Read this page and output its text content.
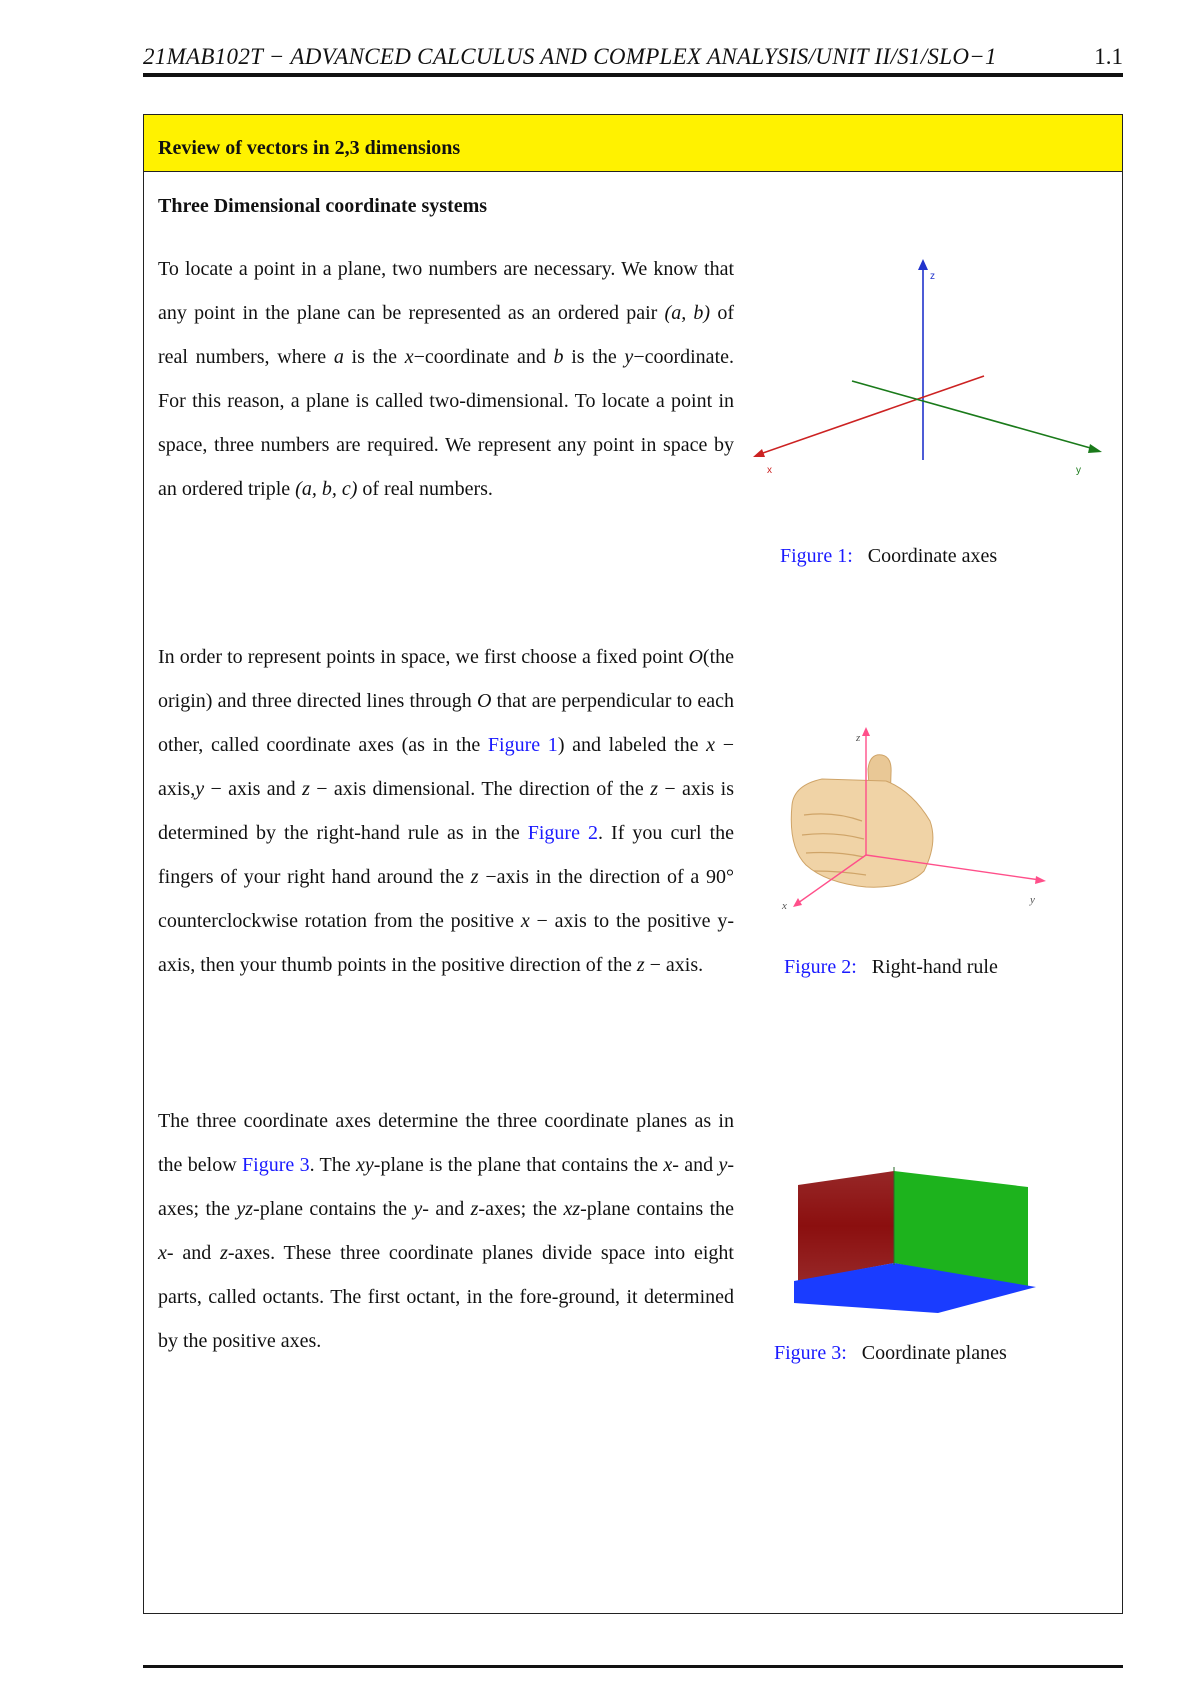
21MAB102T − ADVANCED CALCULUS AND COMPLEX ANALYSIS/UNIT II/S1/SLO−1	1.1
Review of vectors in 2,3 dimensions
Three Dimensional coordinate systems

To locate a point in a plane, two numbers are necessary. We know that any point in the plane can be represented as an ordered pair (a, b) of real numbers, where a is the x−coordinate and b is the y−coordinate. For this reason, a plane is called two-dimensional. To locate a point in space, three numbers are required. We represent any point in space by an ordered triple (a, b, c) of real numbers.

In order to represent points in space, we first choose a fixed point O(the origin) and three directed lines through O that are perpendicular to each other, called coordinate axes (as in the Figure 1) and labeled the x − axis,y − axis and z − axis dimensional. The direction of the z − axis is determined by the right-hand rule as in the Figure 2. If you curl the fingers of your right hand around the z −axis in the direction of a 90° counterclockwise rotation from the positive x − axis to the positive y-axis, then your thumb points in the positive direction of the z − axis.

The three coordinate axes determine the three coordinate planes as in the below Figure 3. The xy-plane is the plane that contains the x- and y-axes; the yz-plane contains the y- and z-axes; the xz-plane contains the x- and z-axes. These three coordinate planes divide space into eight parts, called octants. The first octant, in the fore-ground, it determined by the positive axes.

z
x	y
Figure 1: Coordinate axes
z
x	y
Figure 2: Right-hand rule
Figure 3: Coordinate planes
